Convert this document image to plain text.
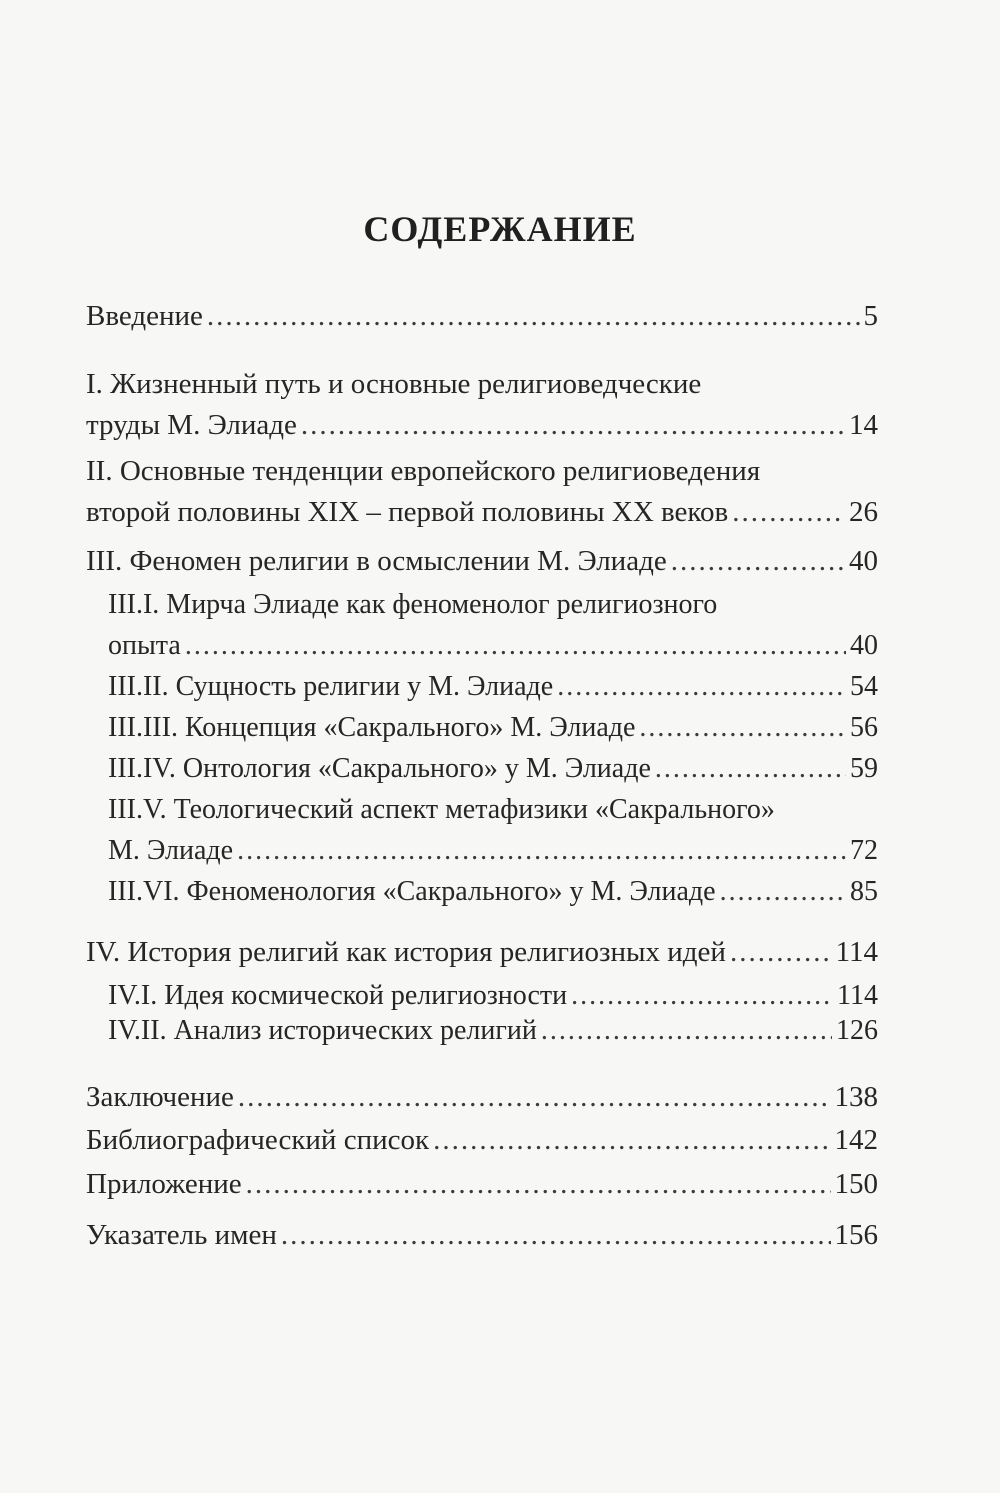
СОДЕРЖАНИЕ
Введение .....	5
I. Жизненный путь и основные религиоведческие
труды М. Элиаде .....	14
II. Основные тенденции европейского религиоведения
второй половины XIX – первой половины XX веков .....	26
III. Феномен религии в осмыслении М. Элиаде .....	40
III.I. Мирча Элиаде как феноменолог религиозного
опыта .....	40
III.II. Сущность религии у М. Элиаде .....	54
III.III. Концепция «Сакрального» М. Элиаде .....	56
III.IV. Онтология «Сакрального» у М. Элиаде .....	59
III.V. Теологический аспект метафизики «Сакрального»
М. Элиаде .....	72
III.VI. Феноменология «Сакрального» у М. Элиаде .....	85
IV. История религий как история религиозных идей .....	114
IV.I. Идея космической религиозности .....	114
IV.II. Анализ исторических религий .....	126
Заключение .....	138
Библиографический список .....	142
Приложение .....	150
Указатель имен .....	156
